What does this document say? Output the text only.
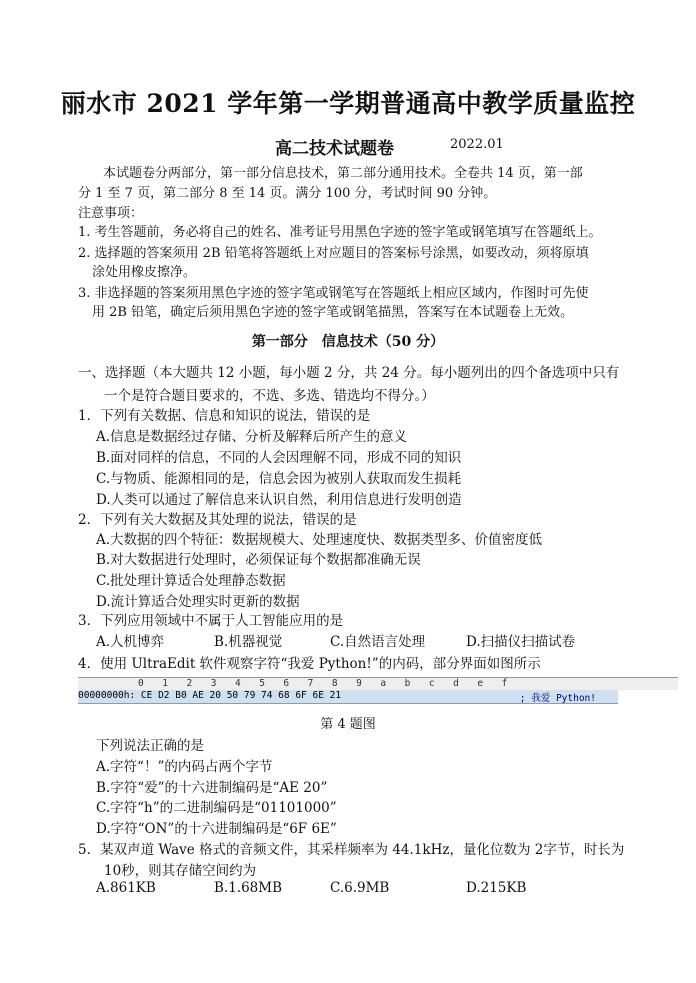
丽水市 2021 学年第一学期普通高中教学质量监控
高二技术试题卷	2022.01
本试题卷分两部分，第一部分信息技术，第二部分通用技术。全卷共 14 页，第一部
分 1 至 7 页，第二部分 8 至 14 页。满分 100 分，考试时间 90 分钟。
注意事项：
1. 考生答题前，务必将自己的姓名、准考证号用黑色字迹的签字笔或钢笔填写在答题纸上。
2. 选择题的答案须用 2B 铅笔将答题纸上对应题目的答案标号涂黑，如要改动，须将原填
涂处用橡皮擦净。
3. 非选择题的答案须用黑色字迹的签字笔或钢笔写在答题纸上相应区域内，作图时可先使
用 2B 铅笔，确定后须用黑色字迹的签字笔或钢笔描黑，答案写在本试题卷上无效。
第一部分　信息技术（50 分）
一、选择题（本大题共 12 小题，每小题 2 分，共 24 分。每小题列出的四个备选项中只有
一个是符合题目要求的，不选、多选、错选均不得分。）
1．下列有关数据、信息和知识的说法，错误的是
A.信息是数据经过存储、分析及解释后所产生的意义
B.面对同样的信息，不同的人会因理解不同，形成不同的知识
C.与物质、能源相同的是，信息会因为被别人获取而发生损耗
D.人类可以通过了解信息来认识自然，利用信息进行发明创造
2．下列有关大数据及其处理的说法，错误的是
A.大数据的四个特征：数据规模大、处理速度快、数据类型多、价值密度低
B.对大数据进行处理时，必须保证每个数据都准确无误
C.批处理计算适合处理静态数据
D.流计算适合处理实时更新的数据
3．下列应用领域中不属于人工智能应用的是
A.人机博弈	B.机器视觉	C.自然语言处理	D.扫描仪扫描试卷
4．使用 UltraEdit 软件观察字符“我爱 Python!”的内码，部分界面如图所示
0 1 2 3 4 5 6 7 8 9 a b c d e f
00000000h: CE D2 B0 AE 20 50 79 74 68 6F 6E 21	; 我爱 Python!
第 4 题图
下列说法正确的是
A.字符“！”的内码占两个字节
B.字符“爱”的十六进制编码是“AE 20”
C.字符“h”的二进制编码是“01101000”
D.字符“ON”的十六进制编码是“6F 6E”
5．某双声道 Wave 格式的音频文件，其采样频率为 44.1kHz，量化位数为 2字节，时长为
10秒，则其存储空间约为
A.861KB	B.1.68MB	C.6.9MB	D.215KB
